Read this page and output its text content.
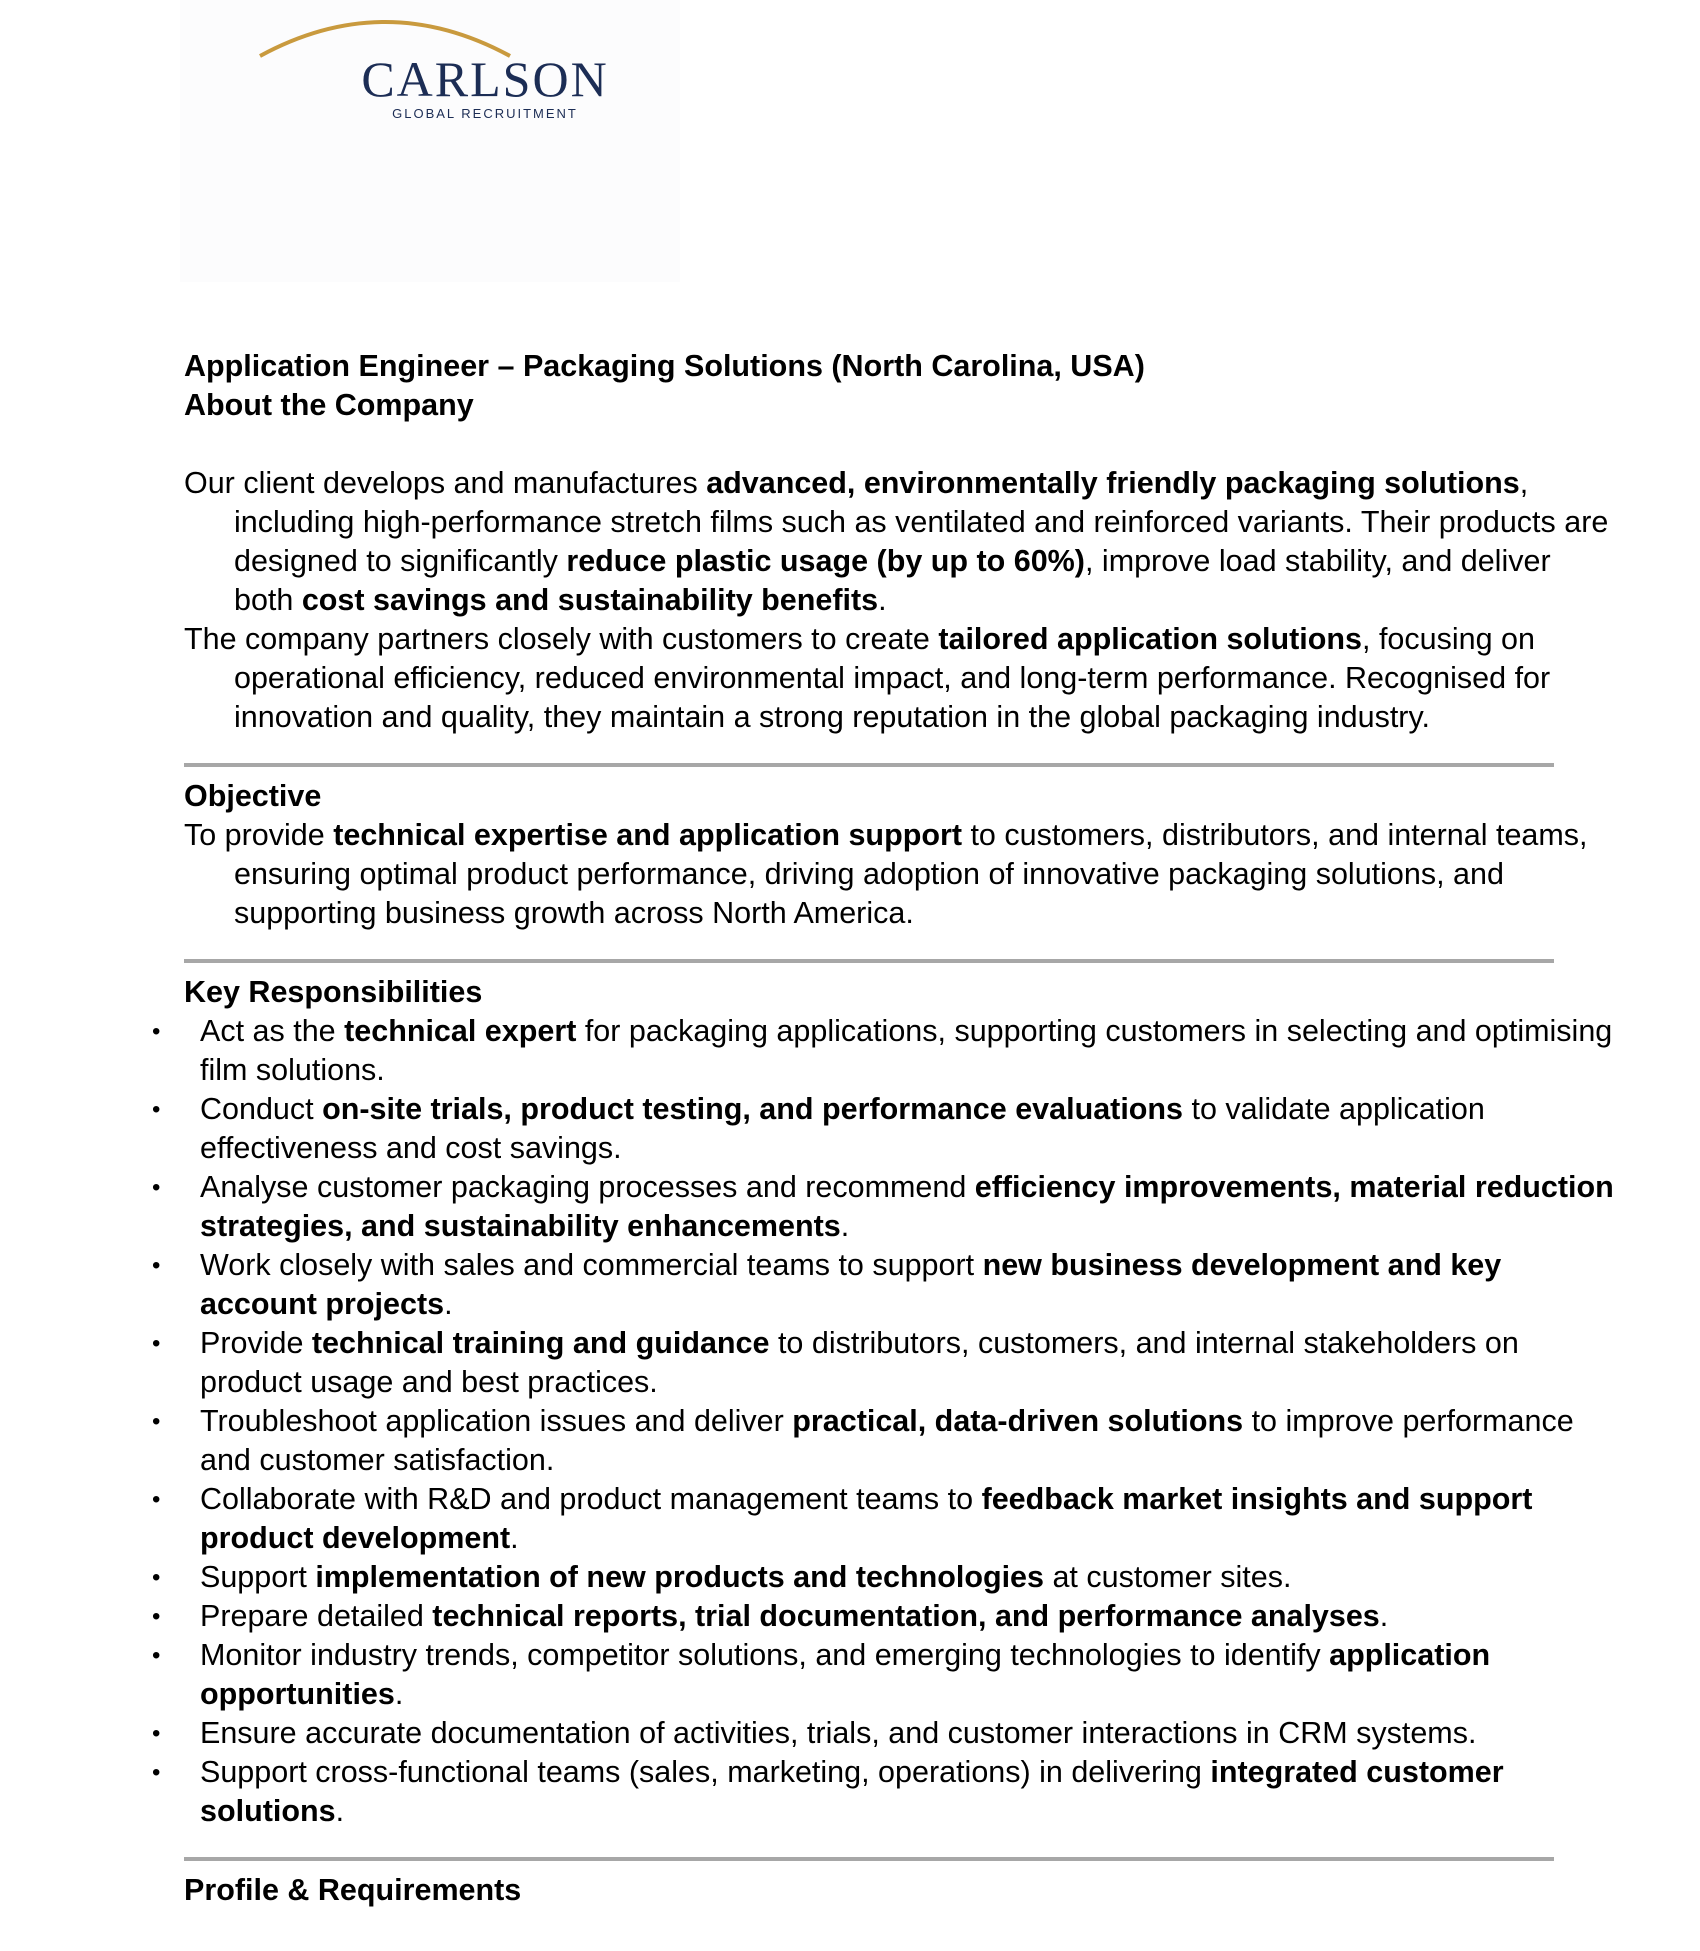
CARLSON
GLOBAL RECRUITMENT

Application Engineer – Packaging Solutions (North Carolina, USA)

About the Company

Our client develops and manufactures advanced, environmentally friendly packaging solutions, including high-performance stretch films such as ventilated and reinforced variants. Their products are designed to significantly reduce plastic usage (by up to 60%), improve load stability, and deliver both cost savings and sustainability benefits.

The company partners closely with customers to create tailored application solutions, focusing on operational efficiency, reduced environmental impact, and long-term performance. Recognised for innovation and quality, they maintain a strong reputation in the global packaging industry.

Objective

To provide technical expertise and application support to customers, distributors, and internal teams, ensuring optimal product performance, driving adoption of innovative packaging solutions, and supporting business growth across North America.

Key Responsibilities

• Act as the technical expert for packaging applications, supporting customers in selecting and optimising film solutions.
• Conduct on-site trials, product testing, and performance evaluations to validate application effectiveness and cost savings.
• Analyse customer packaging processes and recommend efficiency improvements, material reduction strategies, and sustainability enhancements.
• Work closely with sales and commercial teams to support new business development and key account projects.
• Provide technical training and guidance to distributors, customers, and internal stakeholders on product usage and best practices.
• Troubleshoot application issues and deliver practical, data-driven solutions to improve performance and customer satisfaction.
• Collaborate with R&D and product management teams to feedback market insights and support product development.
• Support implementation of new products and technologies at customer sites.
• Prepare detailed technical reports, trial documentation, and performance analyses.
• Monitor industry trends, competitor solutions, and emerging technologies to identify application opportunities.
• Ensure accurate documentation of activities, trials, and customer interactions in CRM systems.
• Support cross-functional teams (sales, marketing, operations) in delivering integrated customer solutions.

Profile & Requirements
